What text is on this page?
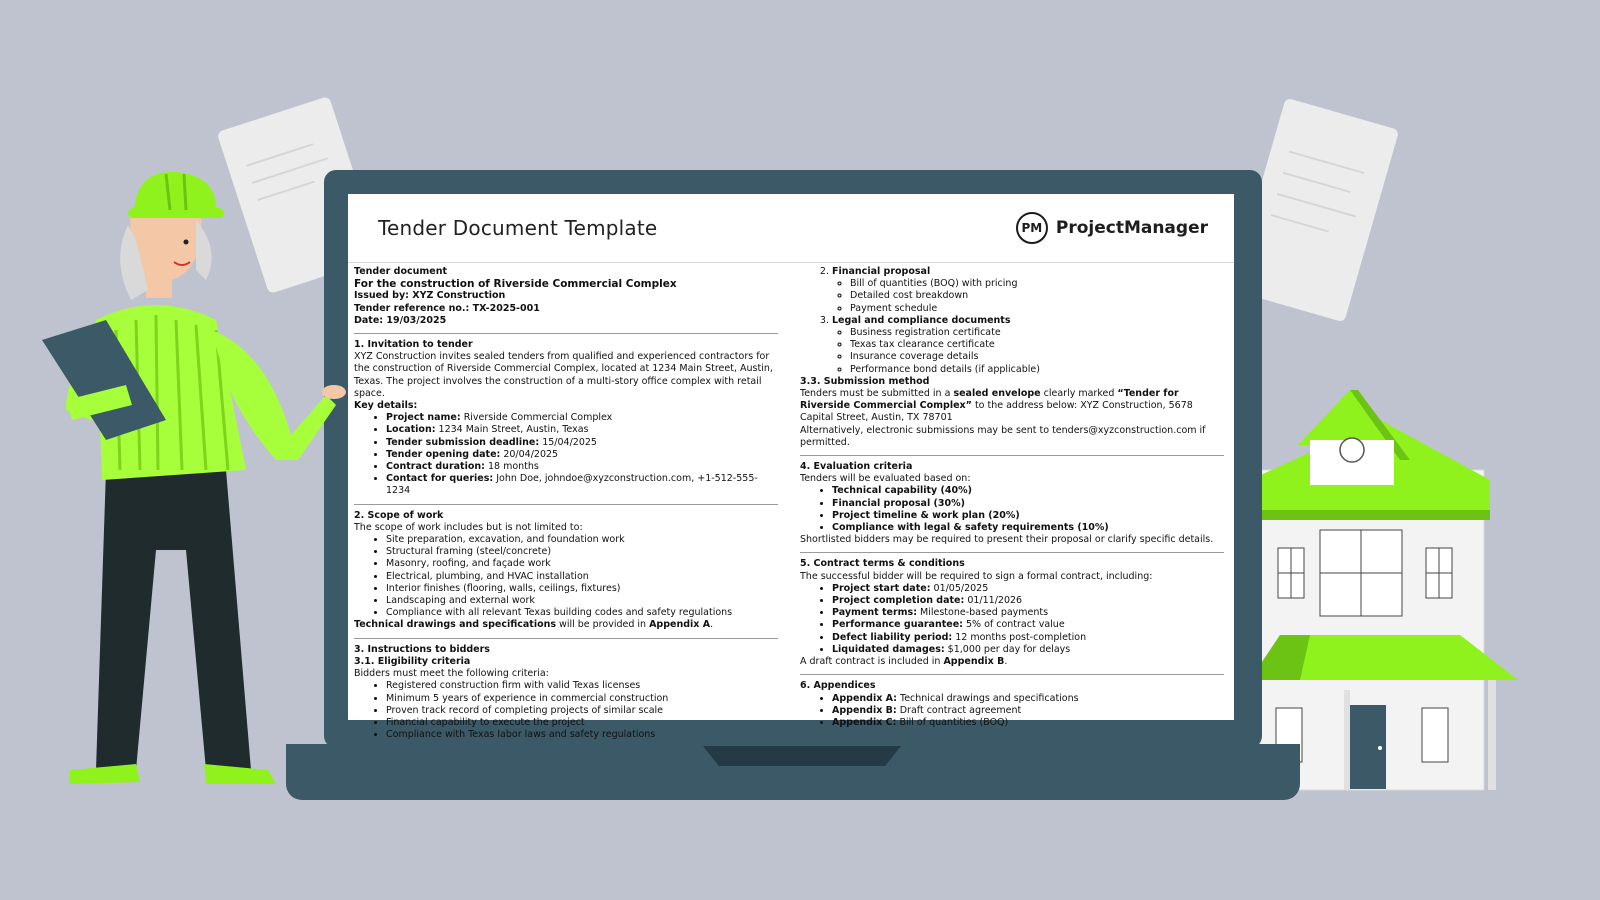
Tender Document Template	PM ProjectManager

Tender document

For the construction of Riverside Commercial Complex

Issued by: XYZ Construction

Tender reference no.: TX-2025-001

Date: 19/03/2025

1. Invitation to tender

XYZ Construction invites sealed tenders from qualified and experienced contractors for the construction of Riverside Commercial Complex, located at 1234 Main Street, Austin, Texas. The project involves the construction of a multi-story office complex with retail space.

Key details:

• Project name: Riverside Commercial Complex
• Location: 1234 Main Street, Austin, Texas
• Tender submission deadline: 15/04/2025
• Tender opening date: 20/04/2025
• Contract duration: 18 months
• Contact for queries: John Doe, johndoe@xyzconstruction.com, +1-512-555-1234

2. Scope of work

The scope of work includes but is not limited to:

• Site preparation, excavation, and foundation work
• Structural framing (steel/concrete)
• Masonry, roofing, and façade work
• Electrical, plumbing, and HVAC installation
• Interior finishes (flooring, walls, ceilings, fixtures)
• Landscaping and external work
• Compliance with all relevant Texas building codes and safety regulations

Technical drawings and specifications will be provided in Appendix A.

3. Instructions to bidders

3.1. Eligibility criteria

Bidders must meet the following criteria:

• Registered construction firm with valid Texas licenses
• Minimum 5 years of experience in commercial construction
• Proven track record of completing projects of similar scale
• Financial capability to execute the project
• Compliance with Texas labor laws and safety regulations
2. Financial proposal
◦ Bill of quantities (BOQ) with pricing
◦ Detailed cost breakdown
◦ Payment schedule
3. Legal and compliance documents
◦ Business registration certificate
◦ Texas tax clearance certificate
◦ Insurance coverage details
◦ Performance bond details (if applicable)

3.3. Submission method

Tenders must be submitted in a sealed envelope clearly marked “Tender for Riverside Commercial Complex” to the address below: XYZ Construction, 5678 Capital Street, Austin, TX 78701

Alternatively, electronic submissions may be sent to tenders@xyzconstruction.com if permitted.

4. Evaluation criteria

Tenders will be evaluated based on:

• Technical capability (40%)
• Financial proposal (30%)
• Project timeline & work plan (20%)
• Compliance with legal & safety requirements (10%)

Shortlisted bidders may be required to present their proposal or clarify specific details.

5. Contract terms & conditions

The successful bidder will be required to sign a formal contract, including:

• Project start date: 01/05/2025
• Project completion date: 01/11/2026
• Payment terms: Milestone-based payments
• Performance guarantee: 5% of contract value
• Defect liability period: 12 months post-completion
• Liquidated damages: $1,000 per day for delays

A draft contract is included in Appendix B.

6. Appendices

• Appendix A: Technical drawings and specifications
• Appendix B: Draft contract agreement
• Appendix C: Bill of quantities (BOQ)
